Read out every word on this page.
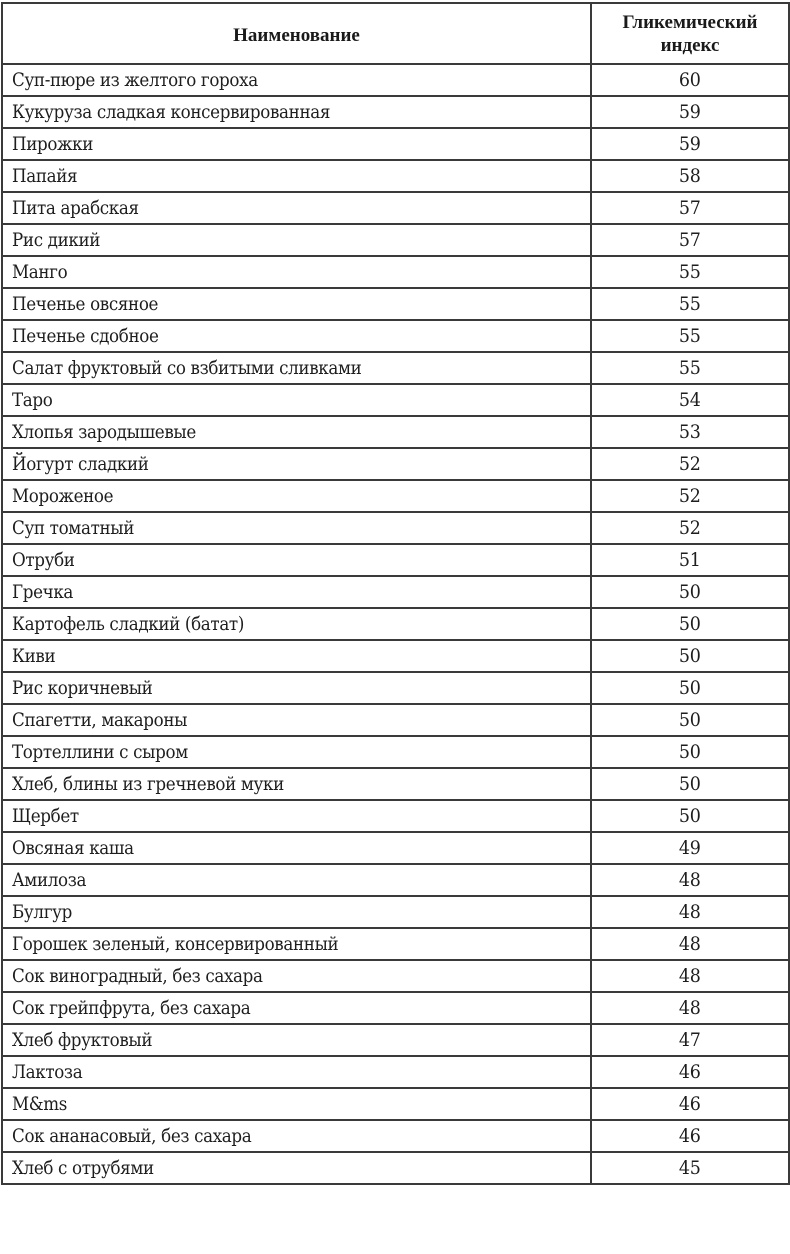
Наименование	Гликемический
индекс
Суп-пюре из желтого гороха	60
Кукуруза сладкая консервированная	59
Пирожки	59
Папайя	58
Пита арабская	57
Рис дикий	57
Манго	55
Печенье овсяное	55
Печенье сдобное	55
Салат фруктовый со взбитыми сливками	55
Таро	54
Хлопья зародышевые	53
Йогурт сладкий	52
Мороженое	52
Суп томатный	52
Отруби	51
Гречка	50
Картофель сладкий (батат)	50
Киви	50
Рис коричневый	50
Спагетти, макароны	50
Тортеллини с сыром	50
Хлеб, блины из гречневой муки	50
Щербет	50
Овсяная каша	49
Амилоза	48
Булгур	48
Горошек зеленый, консервированный	48
Сок виноградный, без сахара	48
Сок грейпфрута, без сахара	48
Хлеб фруктовый	47
Лактоза	46
M&ms	46
Сок ананасовый, без сахара	46
Хлеб с отрубями	45
